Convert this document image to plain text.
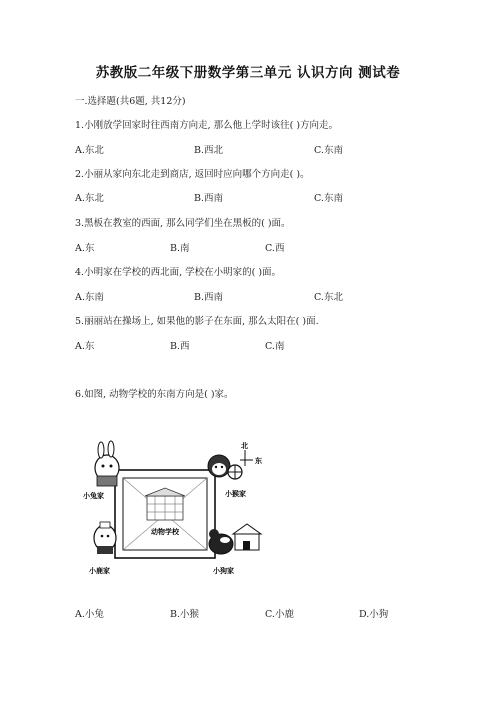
苏教版二年级下册数学第三单元 认识方向 测试卷
一.选择题(共6题, 共12分)
1.小刚放学回家时往西南方向走, 那么他上学时该往( )方向走。
A.东北	B.西北	C.东南
2.小丽从家向东北走到商店, 返回时应向哪个方向走( )。
A.东北	B.西南	C.东南
3.黑板在教室的西面, 那么同学们坐在黑板的( )面。
A.东	B.南	C.西
4.小明家在学校的西北面, 学校在小明家的( )面。
A.东南	B.西南	C.东北
5.丽丽站在操场上, 如果他的影子在东面, 那么太阳在( )面.
A.东	B.西	C.南
6.如图, 动物学校的东南方向是( )家。
动物学校
小兔家	小猴家
北
东
小鹿家	小狗家
A.小兔	B.小猴	C.小鹿	D.小狗
